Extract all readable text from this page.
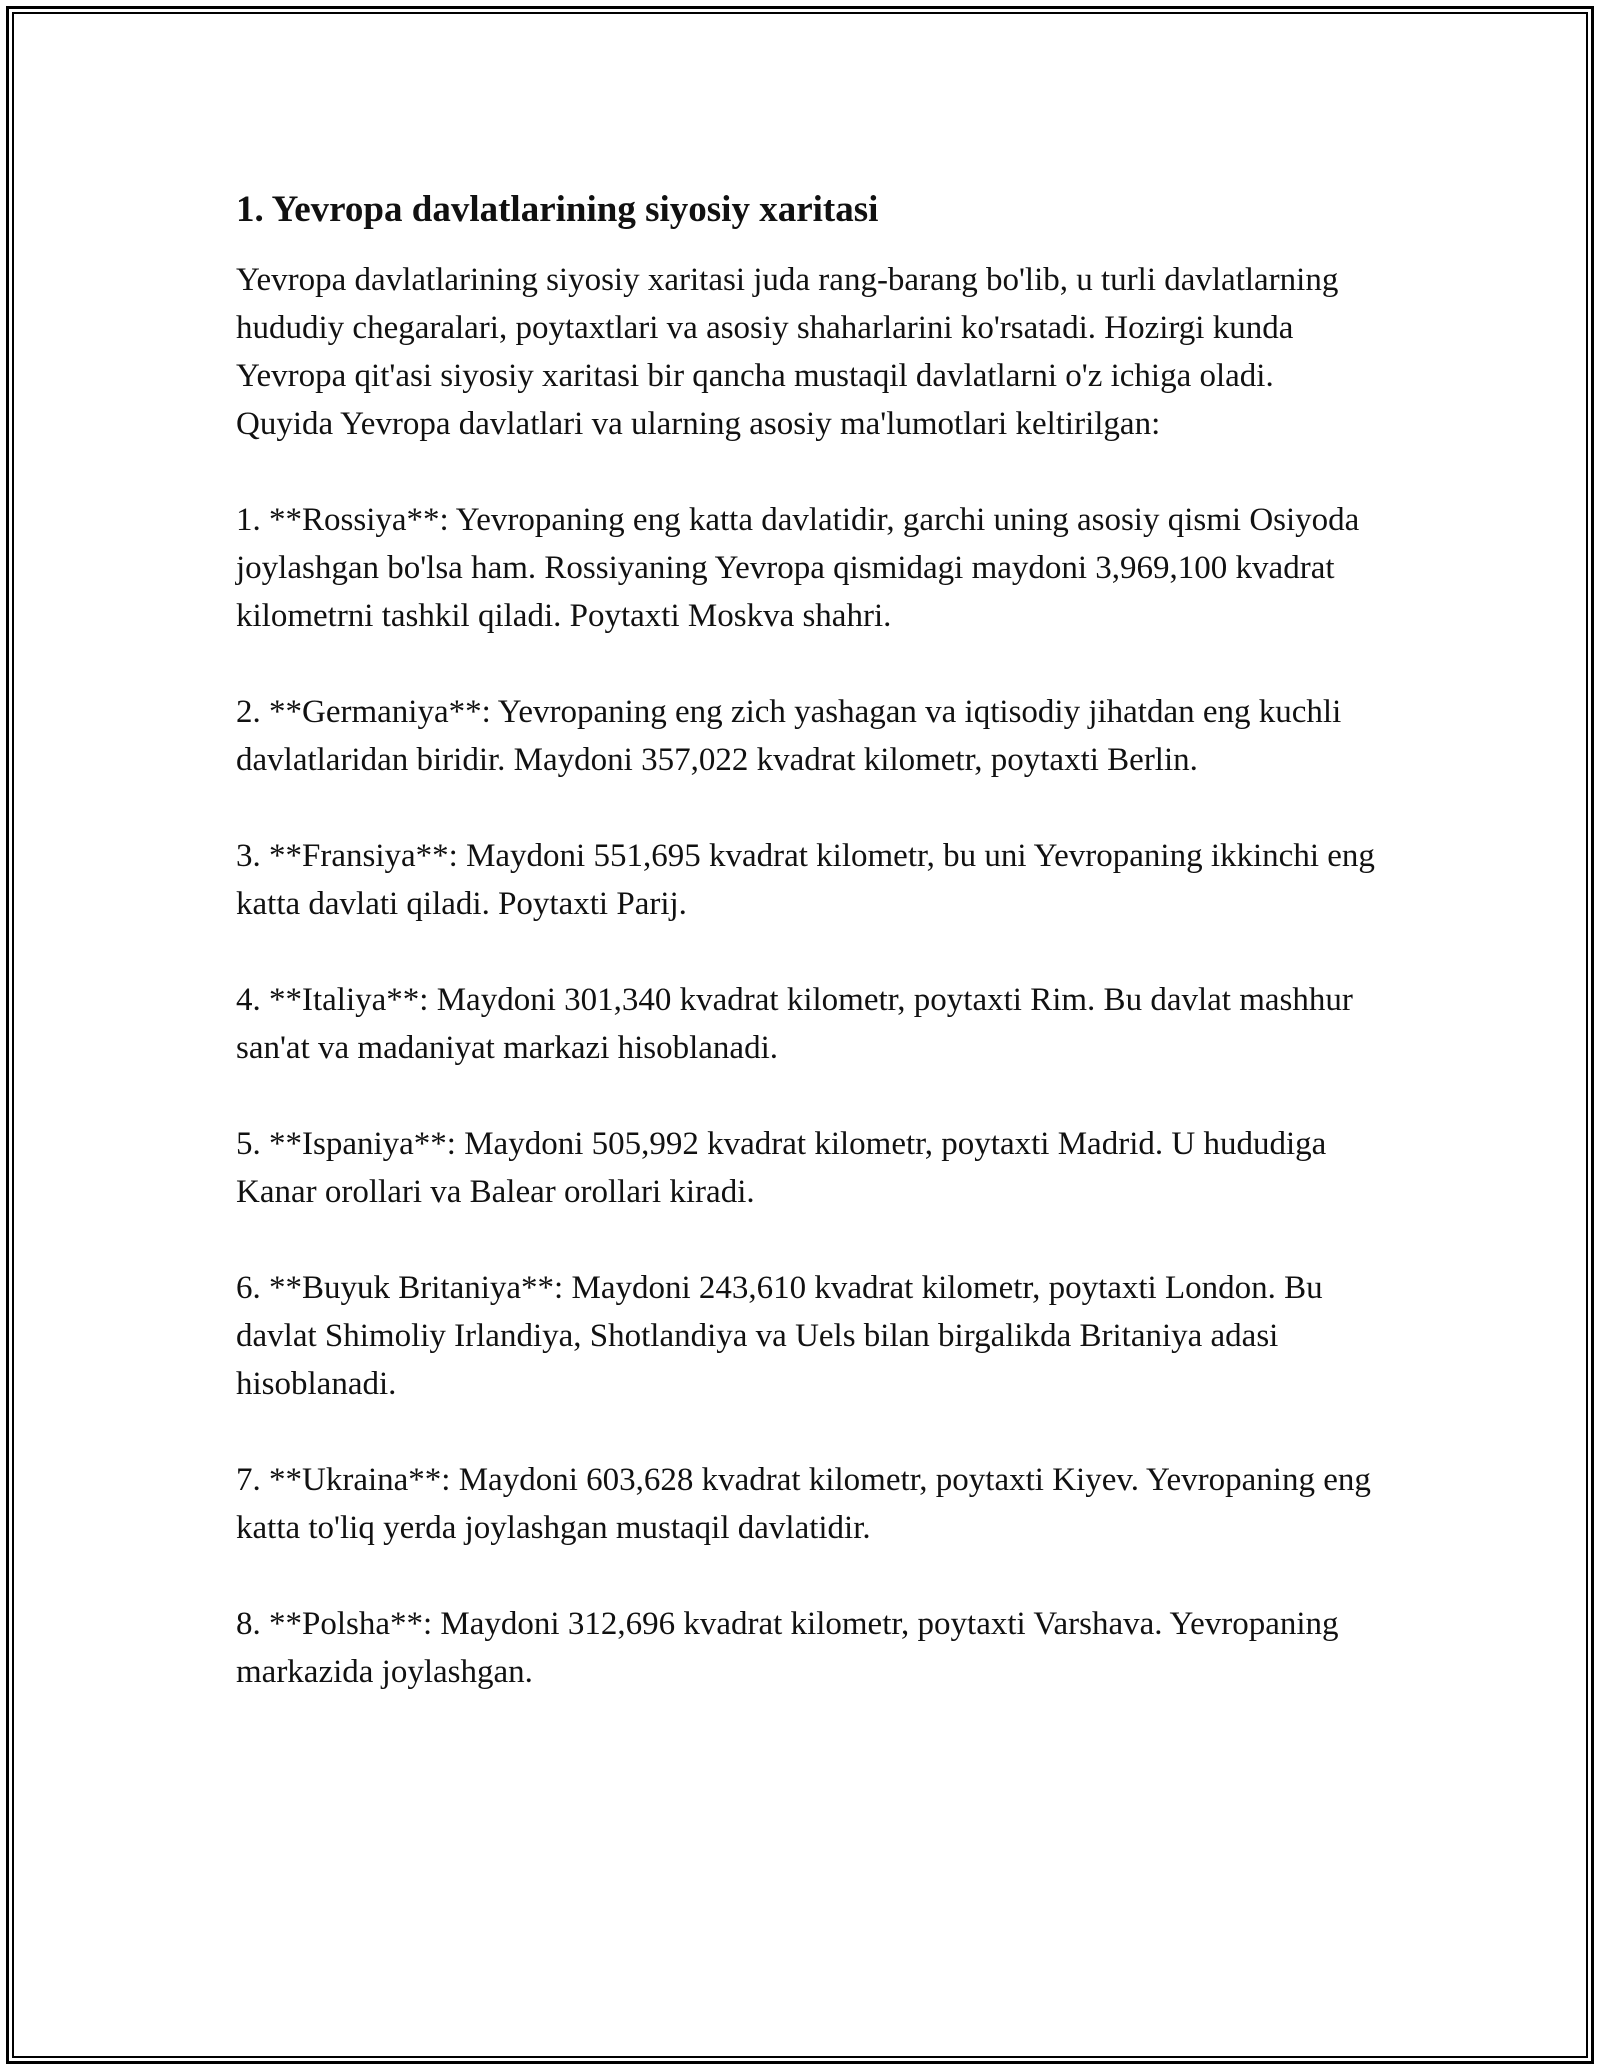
1. Yevropa davlatlarining siyosiy xaritasi

Yevropa davlatlarining siyosiy xaritasi juda rang-barang bo'lib, u turli davlatlarning hududiy chegaralari, poytaxtlari va asosiy shaharlarini ko'rsatadi. Hozirgi kunda Yevropa qit'asi siyosiy xaritasi bir qancha mustaqil davlatlarni o'z ichiga oladi. Quyida Yevropa davlatlari va ularning asosiy ma'lumotlari keltirilgan:

1. **Rossiya**: Yevropaning eng katta davlatidir, garchi uning asosiy qismi Osiyoda joylashgan bo'lsa ham. Rossiyaning Yevropa qismidagi maydoni 3,969,100 kvadrat kilometrni tashkil qiladi. Poytaxti Moskva shahri.

2. **Germaniya**: Yevropaning eng zich yashagan va iqtisodiy jihatdan eng kuchli davlatlaridan biridir. Maydoni 357,022 kvadrat kilometr, poytaxti Berlin.

3. **Fransiya**: Maydoni 551,695 kvadrat kilometr, bu uni Yevropaning ikkinchi eng katta davlati qiladi. Poytaxti Parij.

4. **Italiya**: Maydoni 301,340 kvadrat kilometr, poytaxti Rim. Bu davlat mashhur san'at va madaniyat markazi hisoblanadi.

5. **Ispaniya**: Maydoni 505,992 kvadrat kilometr, poytaxti Madrid. U hududiga Kanar orollari va Balear orollari kiradi.

6. **Buyuk Britaniya**: Maydoni 243,610 kvadrat kilometr, poytaxti London. Bu davlat Shimoliy Irlandiya, Shotlandiya va Uels bilan birgalikda Britaniya adasi hisoblanadi.

7. **Ukraina**: Maydoni 603,628 kvadrat kilometr, poytaxti Kiyev. Yevropaning eng katta to'liq yerda joylashgan mustaqil davlatidir.

8. **Polsha**: Maydoni 312,696 kvadrat kilometr, poytaxti Varshava. Yevropaning markazida joylashgan.
